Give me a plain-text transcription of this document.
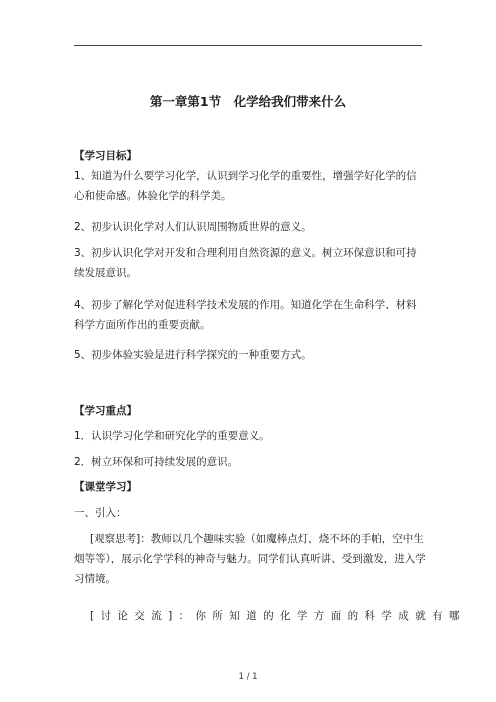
第一章第1节　化学给我们带来什么
【学习目标】

1、知道为什么要学习化学，认识到学习化学的重要性，增强学好化学的信心和使命感。体验化学的科学美。

2、初步认识化学对人们认识周围物质世界的意义。

3、初步认识化学对开发和合理利用自然资源的意义。树立环保意识和可持续发展意识。

4、初步了解化学对促进科学技术发展的作用。知道化学在生命科学、材料科学方面所作出的重要贡献。

5、初步体验实验是进行科学探究的一种重要方式。

【学习重点】

1．认识学习化学和研究化学的重要意义。

2．树立环保和可持续发展的意识。

【课堂学习】

一、引入：

[观察思考]：教师以几个趣味实验（如魔棒点灯，烧不坏的手帕，空中生烟等等），展示化学学科的神奇与魅力。同学们认真听讲、受到激发，进入学习情境。

[讨论交流]：你所知道的化学方面的科学成就有哪

1 / 1
